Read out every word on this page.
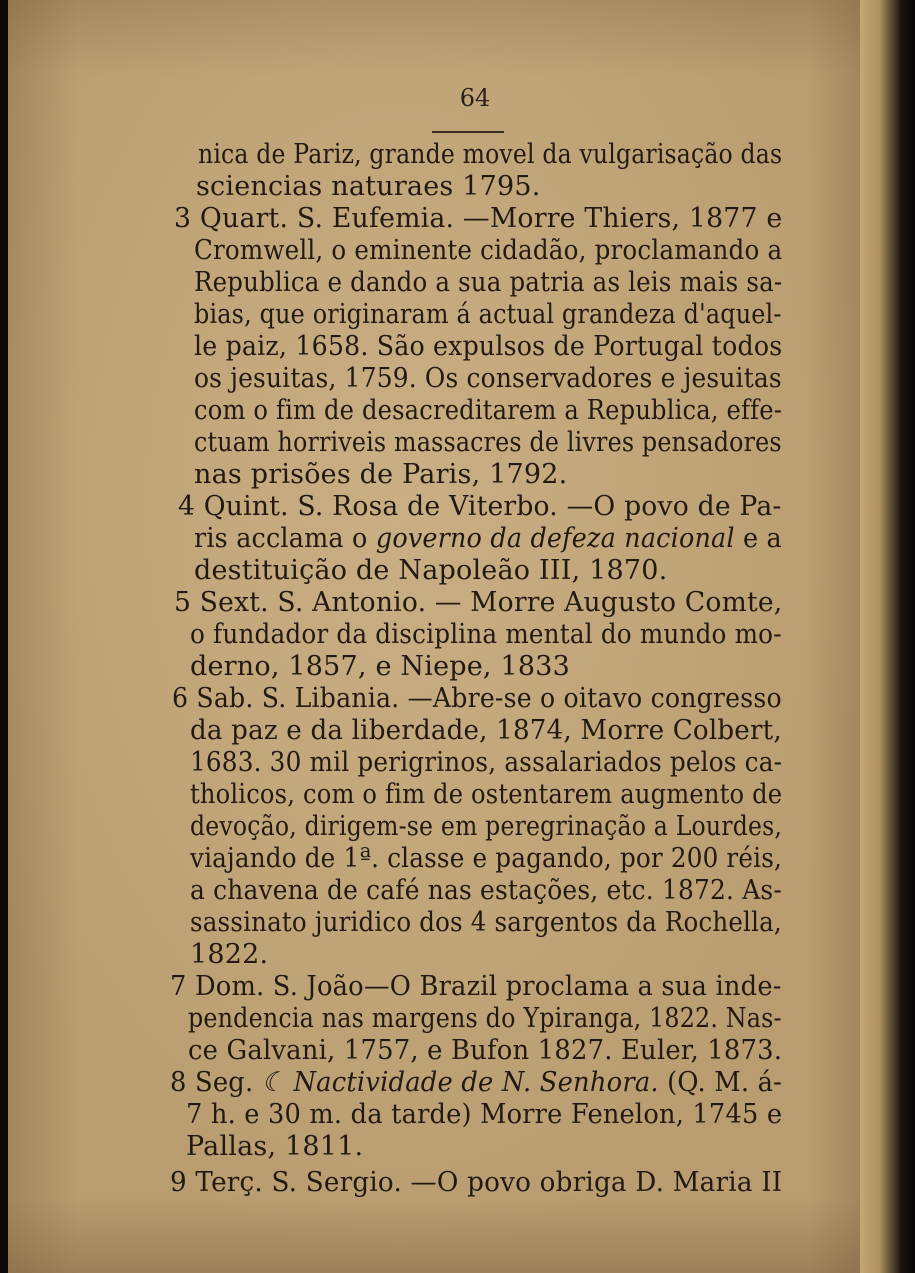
64
nica de Pariz, grande movel da vulgarisação das
sciencias naturaes 1795.
3 Quart. S. Eufemia. —Morre Thiers, 1877 e
Cromwell, o eminente cidadão, proclamando a
Republica e dando a sua patria as leis mais sa-
bias, que originaram á actual grandeza d'aquel-
le paiz, 1658. São expulsos de Portugal todos
os jesuitas, 1759. Os conservadores e jesuitas
com o fim de desacreditarem a Republica, effe-
ctuam horriveis massacres de livres pensadores
nas prisões de Paris, 1792.
4 Quint. S. Rosa de Viterbo. —O povo de Pa-
ris acclama o governo da defeza nacional e a
destituição de Napoleão III, 1870.
5 Sext. S. Antonio. — Morre Augusto Comte,
o fundador da disciplina mental do mundo mo-
derno, 1857, e Niepe, 1833
6 Sab. S. Libania. —Abre-se o oitavo congresso
da paz e da liberdade, 1874, Morre Colbert,
1683. 30 mil perigrinos, assalariados pelos ca-
tholicos, com o fim de ostentarem augmento de
devoção, dirigem-se em peregrinação a Lourdes,
viajando de 1ª. classe e pagando, por 200 réis,
a chavena de café nas estações, etc. 1872. As-
sassinato juridico dos 4 sargentos da Rochella,
1822.
7 Dom. S. João—O Brazil proclama a sua inde-
pendencia nas margens do Ypiranga, 1822. Nas-
ce Galvani, 1757, e Bufon 1827. Euler, 1873.
8 Seg. ☾ Nactividade de N. Senhora. (Q. M. á-
7 h. e 30 m. da tarde) Morre Fenelon, 1745 e
Pallas, 1811.
9 Terç. S. Sergio. —O povo obriga D. Maria II
